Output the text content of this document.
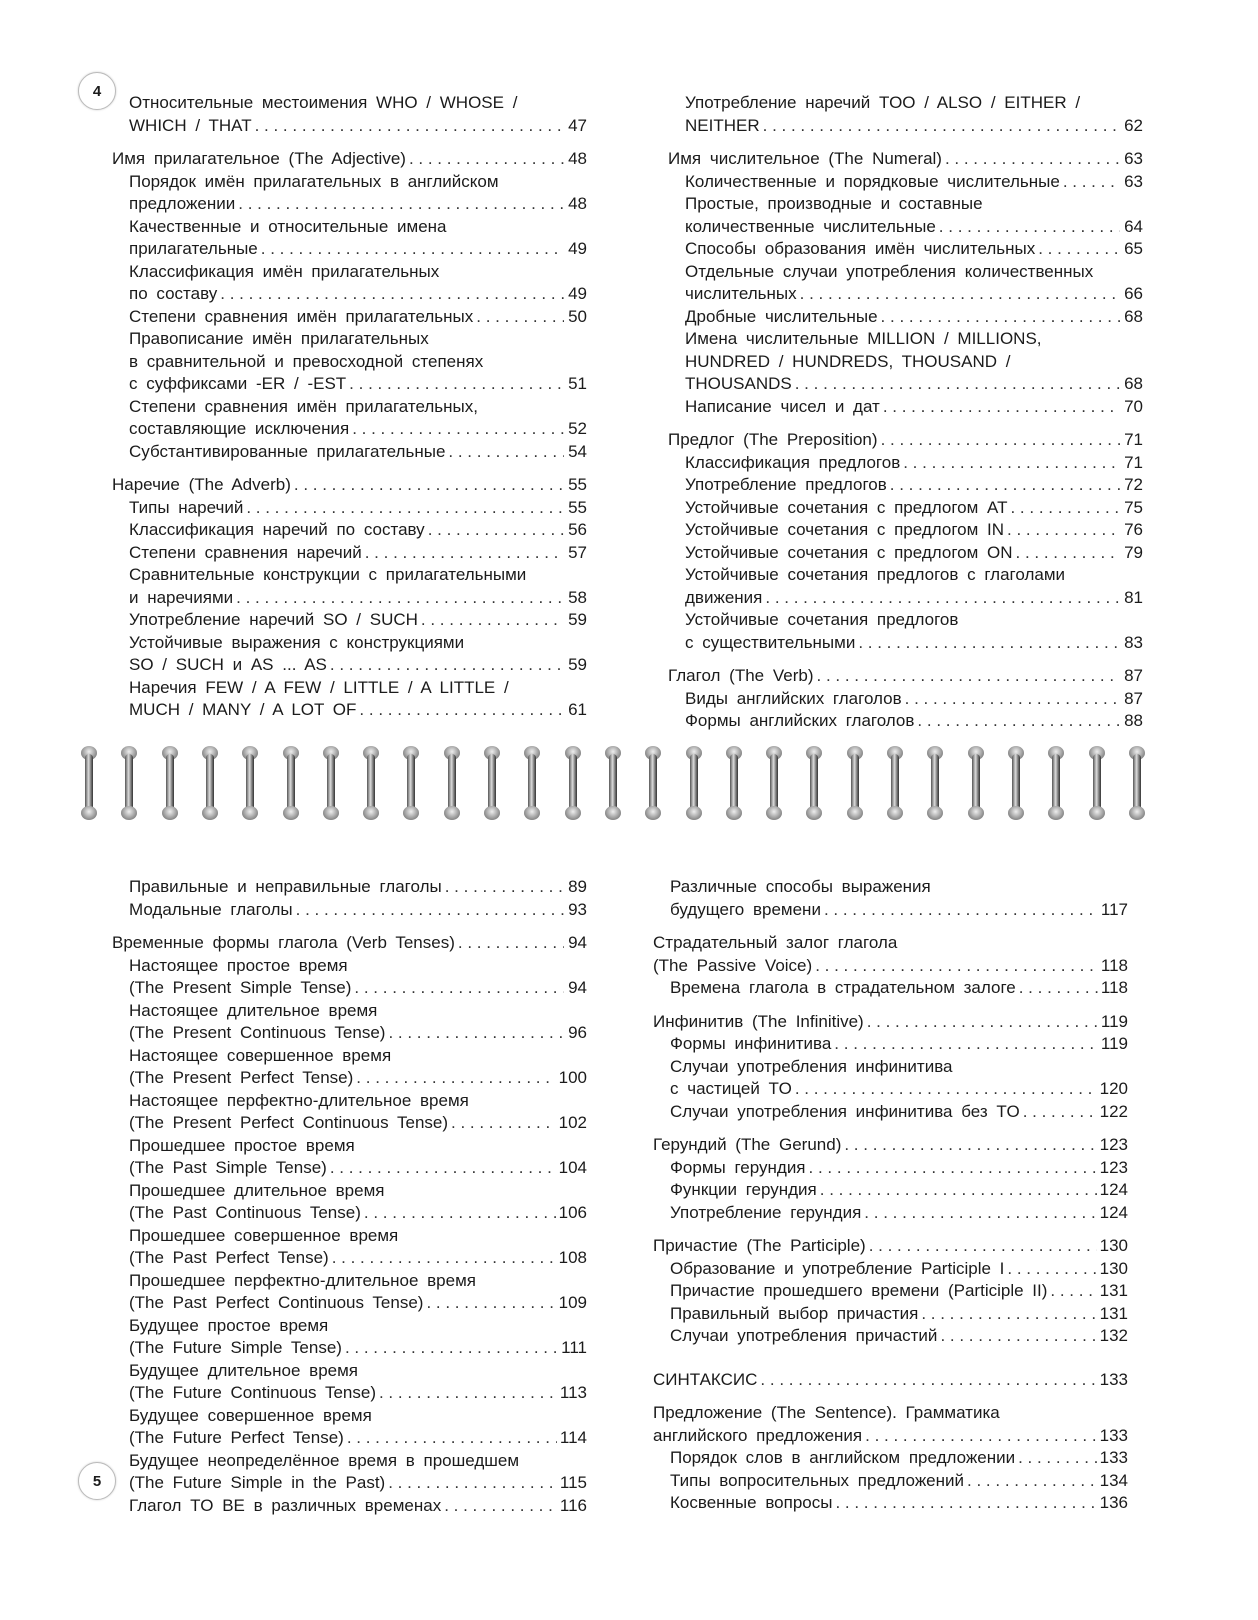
4
5
Относительные местоимения WHO / WHOSE /
WHICH / THAT . . .	47
Имя прилагательное (The Adjective) . . .	48
Порядок имён прилагательных в английском
предложении . . .	48
Качественные и относительные имена
прилагательные . . .	49
Классификация имён прилагательных
по составу . . .	49
Степени сравнения имён прилагательных . . .	50
Правописание имён прилагательных
в сравнительной и превосходной степенях
с суффиксами -ER / -EST . . .	51
Степени сравнения имён прилагательных,
составляющие исключения . . .	52
Субстантивированные прилагательные . . .	54
Наречие (The Adverb) . . .	55
Типы наречий . . .	55
Классификация наречий по составу . . .	56
Степени сравнения наречий . . .	57
Сравнительные конструкции с прилагательными
и наречиями . . .	58
Употребление наречий SO / SUCH . . .	59
Устойчивые выражения с конструкциями
SO / SUCH и AS ... AS . . .	59
Наречия FEW / A FEW / LITTLE / A LITTLE /
MUCH / MANY / A LOT OF . . .	61
Употребление наречий TOO / ALSO / EITHER /
NEITHER . . .	62
Имя числительное (The Numeral) . . .	63
Количественные и порядковые числительные . . .	63
Простые, производные и составные
количественные числительные . . .	64
Способы образования имён числительных . . .	65
Отдельные случаи употребления количественных
числительных . . .	66
Дробные числительные . . .	68
Имена числительные MILLION / MILLIONS,
HUNDRED / HUNDREDS, THOUSAND /
THOUSANDS . . .	68
Написание чисел и дат . . .	70
Предлог (The Preposition) . . .	71
Классификация предлогов . . .	71
Употребление предлогов . . .	72
Устойчивые сочетания с предлогом AT . . .	75
Устойчивые сочетания с предлогом IN . . .	76
Устойчивые сочетания с предлогом ON . . .	79
Устойчивые сочетания предлогов с глаголами
движения . . .	81
Устойчивые сочетания предлогов
с существительными . . .	83
Глагол (The Verb) . . .	87
Виды английских глаголов . . .	87
Формы английских глаголов . . .	88
Правильные и неправильные глаголы . . .	89
Модальные глаголы . . .	93
Временные формы глагола (Verb Tenses) . . .	94
Настоящее простое время
(The Present Simple Tense) . . .	94
Настоящее длительное время
(The Present Continuous Tense) . . .	96
Настоящее совершенное время
(The Present Perfect Tense) . . .	100
Настоящее перфектно-длительное время
(The Present Perfect Continuous Tense) . . .	102
Прошедшее простое время
(The Past Simple Tense) . . .	104
Прошедшее длительное время
(The Past Continuous Tense) . . .	106
Прошедшее совершенное время
(The Past Perfect Tense) . . .	108
Прошедшее перфектно-длительное время
(The Past Perfect Continuous Tense) . . .	109
Будущее простое время
(The Future Simple Tense) . . .	111
Будущее длительное время
(The Future Continuous Tense) . . .	113
Будущее совершенное время
(The Future Perfect Tense) . . .	114
Будущее неопределённое время в прошедшем
(The Future Simple in the Past) . . .	115
Глагол TO BE в различных временах . . .	116
Различные способы выражения
будущего времени . . .	117
Страдательный залог глагола
(The Passive Voice) . . .	118
Времена глагола в страдательном залоге . . .	118
Инфинитив (The Infinitive) . . .	119
Формы инфинитива . . .	119
Случаи употребления инфинитива
с частицей TO . . .	120
Случаи употребления инфинитива без TO . . .	122
Герундий (The Gerund) . . .	123
Формы герундия . . .	123
Функции герундия . . .	124
Употребление герундия . . .	124
Причастие (The Participle) . . .	130
Образование и употребление Participle I . . .	130
Причастие прошедшего времени (Participle II) . . .	131
Правильный выбор причастия . . .	131
Случаи употребления причастий . . .	132
СИНТАКСИС . . .	133
Предложение (The Sentence). Грамматика
английского предложения . . .	133
Порядок слов в английском предложении . . .	133
Типы вопросительных предложений . . .	134
Косвенные вопросы . . .	136
